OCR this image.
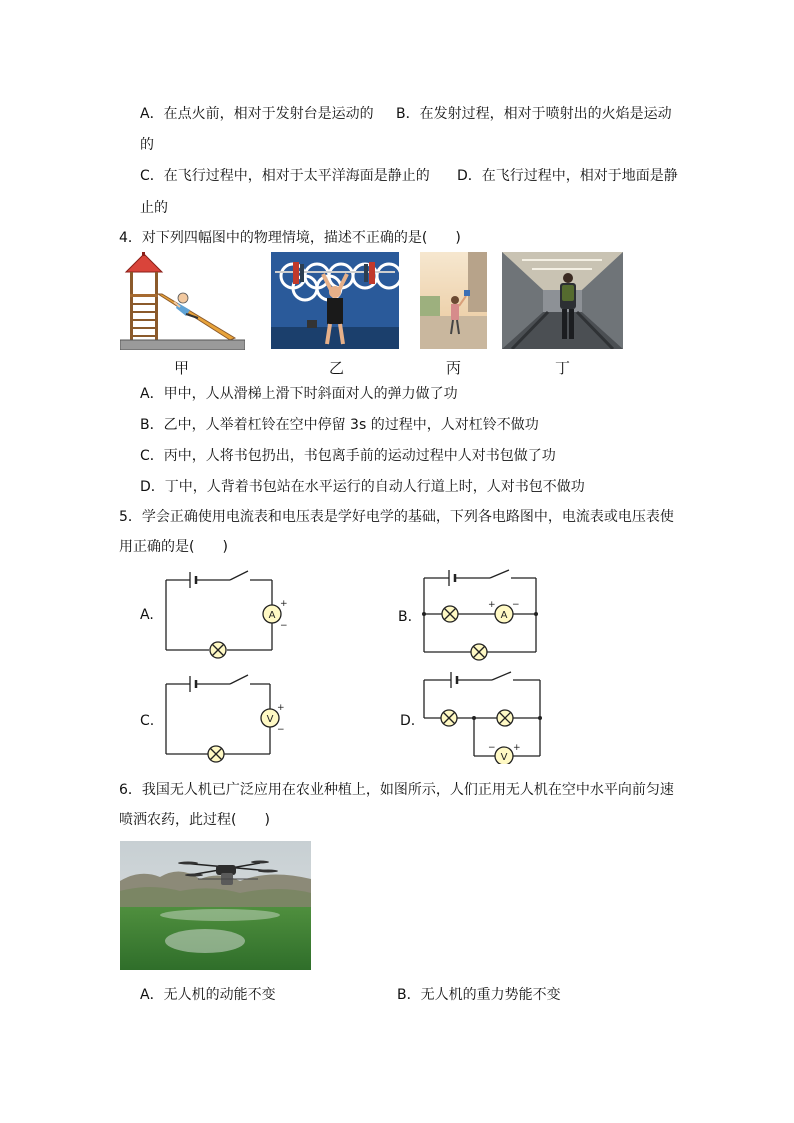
A．在点火前，相对于发射台是运动的 B．在发射过程，相对于喷射出的火焰是运动
的
C．在飞行过程中，相对于太平洋海面是静止的 D．在飞行过程中，相对于地面是静
止的
4．对下列四幅图中的物理情境，描述不正确的是(　　)
甲	乙	丙	丁
A．甲中，人从滑梯上滑下时斜面对人的弹力做了功
B．乙中，人举着杠铃在空中停留 3s 的过程中，人对杠铃不做功
C．丙中，人将书包扔出，书包离手前的运动过程中人对书包做了功
D．丁中，人背着书包站在水平运行的自动人行道上时，人对书包不做功
5．学会正确使用电流表和电压表是学好电学的基础，下列各电路图中，电流表或电压表使
用正确的是(　　)
A.	A
+
−
B.	A
+ −
C.	V
+
−
D.
V
− +
6．我国无人机已广泛应用在农业种植上，如图所示，人们正用无人机在空中水平向前匀速
喷洒农药，此过程(　　)
A．无人机的动能不变	B．无人机的重力势能不变
